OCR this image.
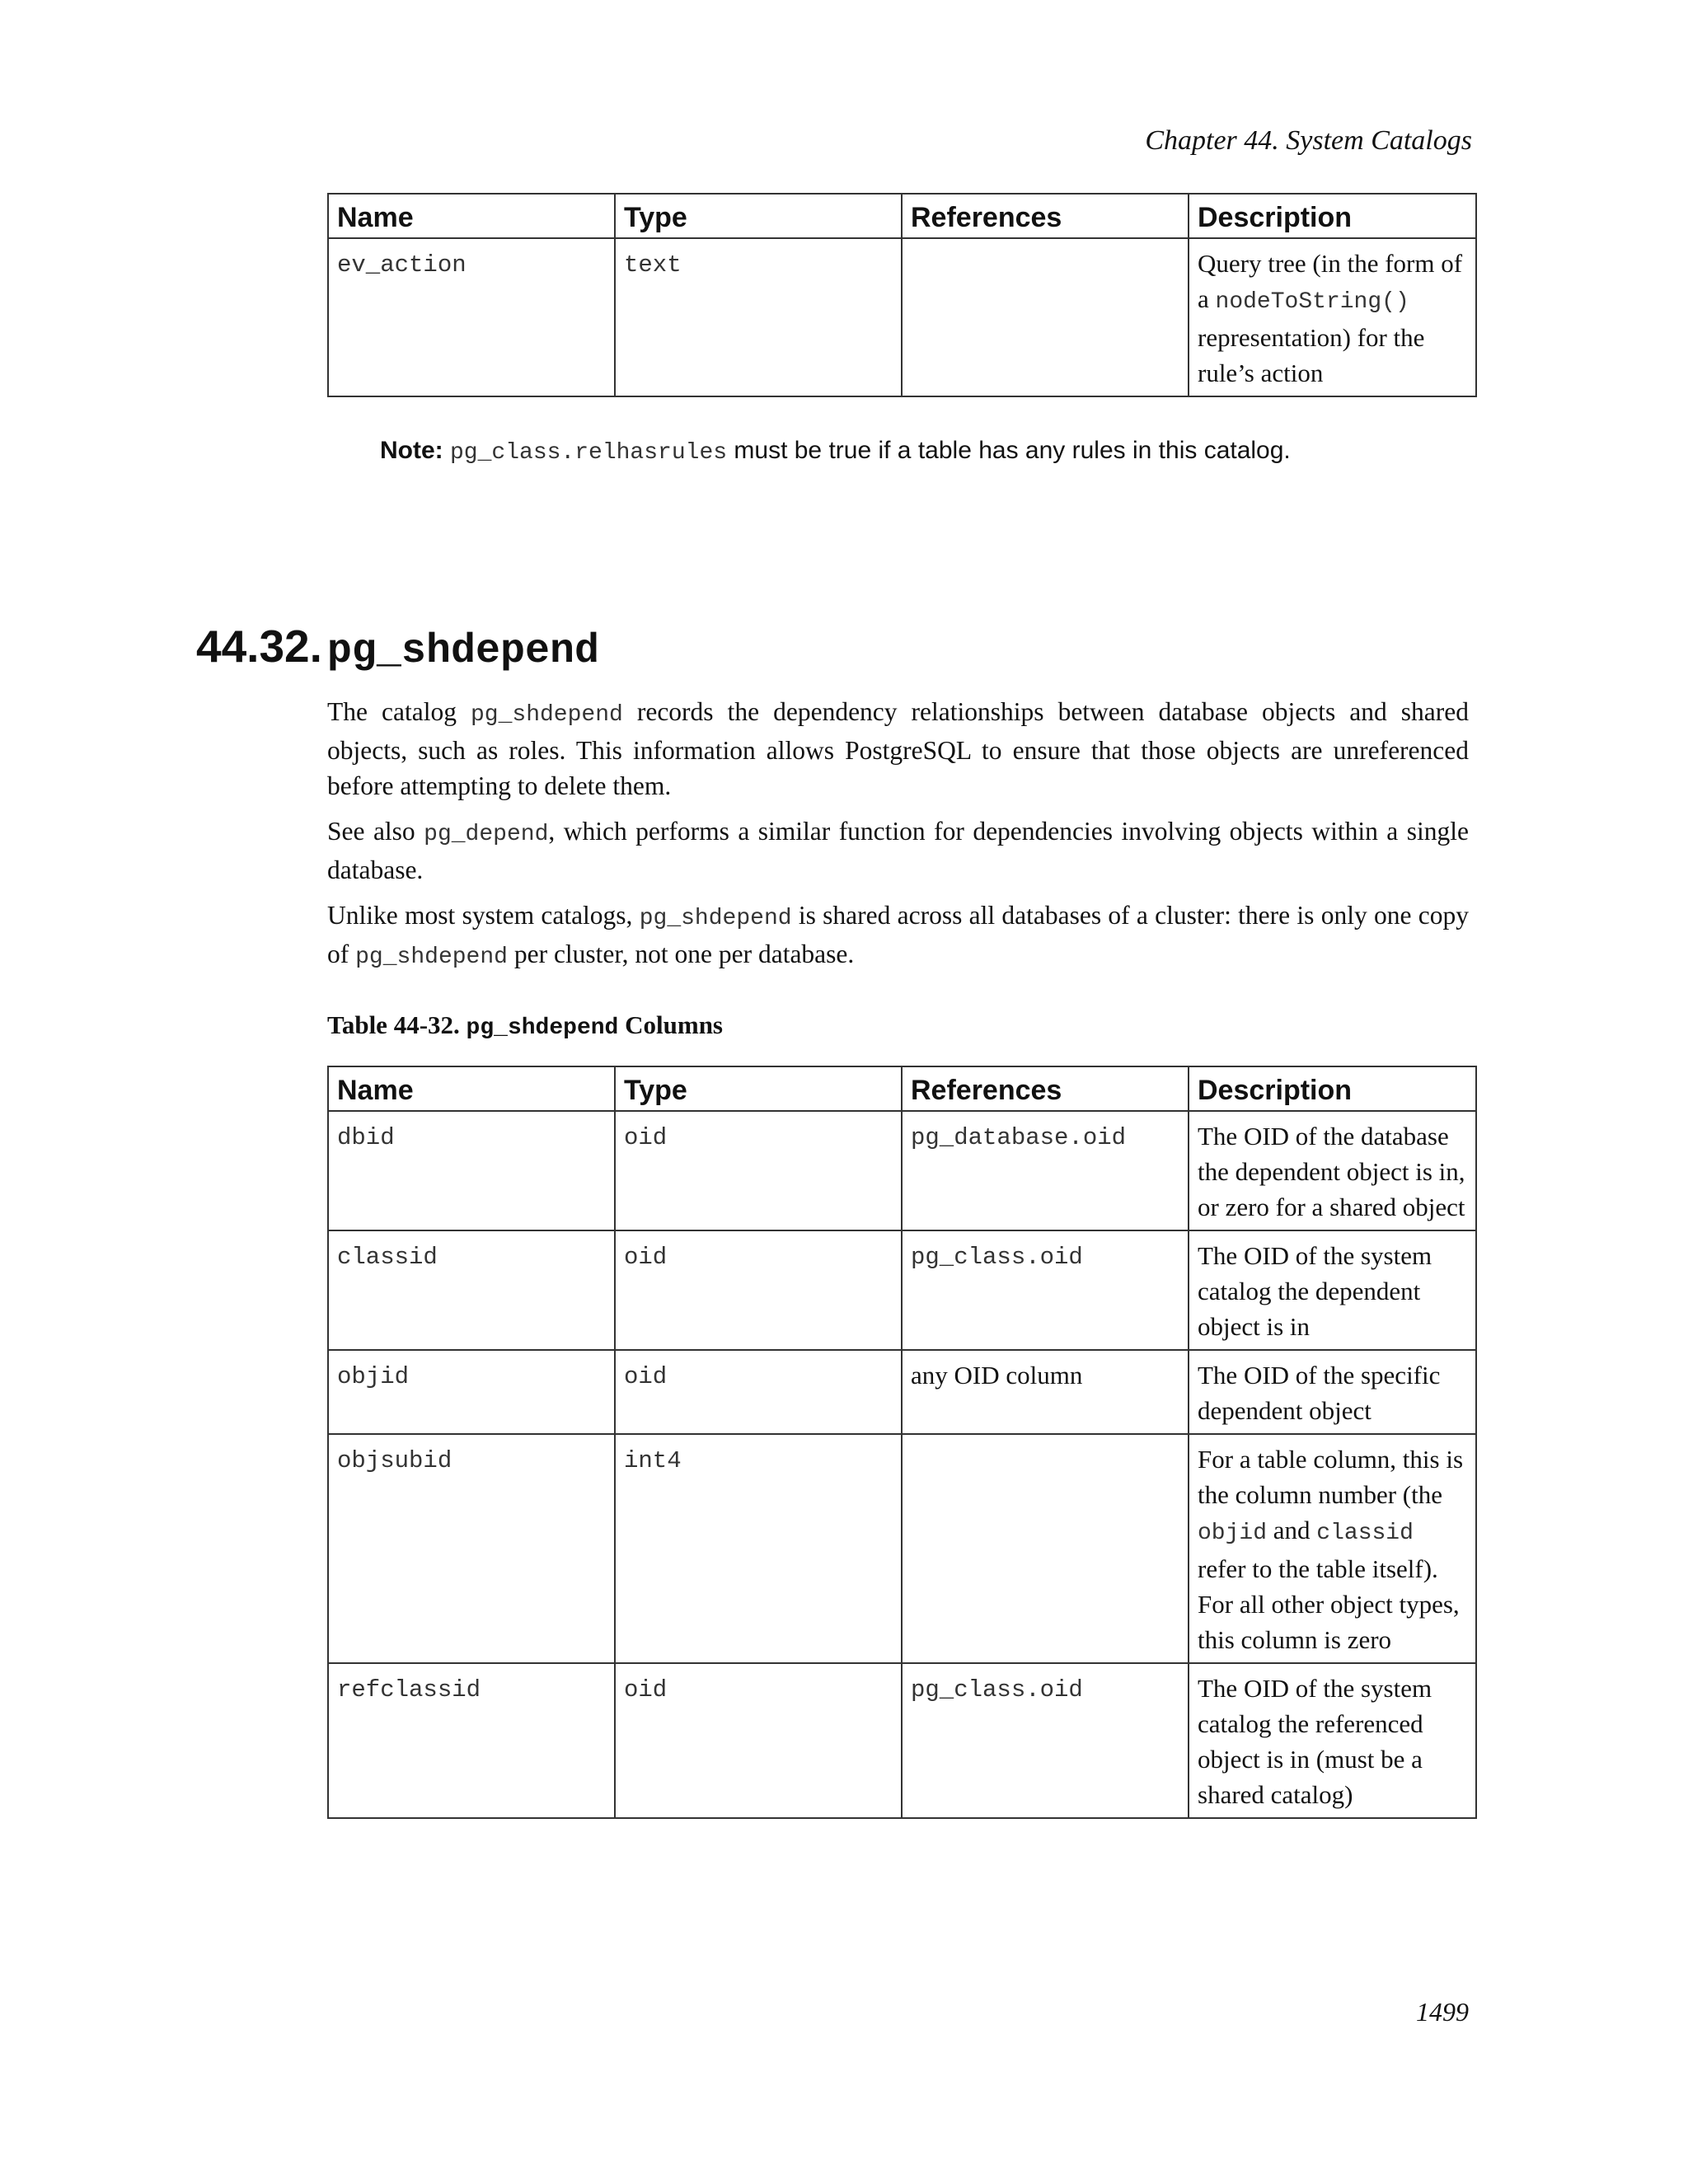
Chapter 44. System Catalogs
Name	Type	References	Description
ev_action	text		Query tree (in the form of a nodeToString() representation) for the rule’s action
Note: pg_class.relhasrules must be true if a table has any rules in this catalog.
44.32. pg_shdepend

The catalog pg_shdepend records the dependency relationships between database objects and shared objects, such as roles. This information allows PostgreSQL to ensure that those objects are unreferenced before attempting to delete them.

See also pg_depend, which performs a similar function for dependencies involving objects within a single database.

Unlike most system catalogs, pg_shdepend is shared across all databases of a cluster: there is only one copy of pg_shdepend per cluster, not one per database.

Table 44-32. pg_shdepend Columns
Name	Type	References	Description
dbid	oid	pg_database.oid	The OID of the database the dependent object is in, or zero for a shared object
classid	oid	pg_class.oid	The OID of the system catalog the dependent object is in
objid	oid	any OID column	The OID of the specific dependent object
objsubid	int4		For a table column, this is the column number (the objid and classid refer to the table itself). For all other object types, this column is zero
refclassid	oid	pg_class.oid	The OID of the system catalog the referenced object is in (must be a shared catalog)
1499
